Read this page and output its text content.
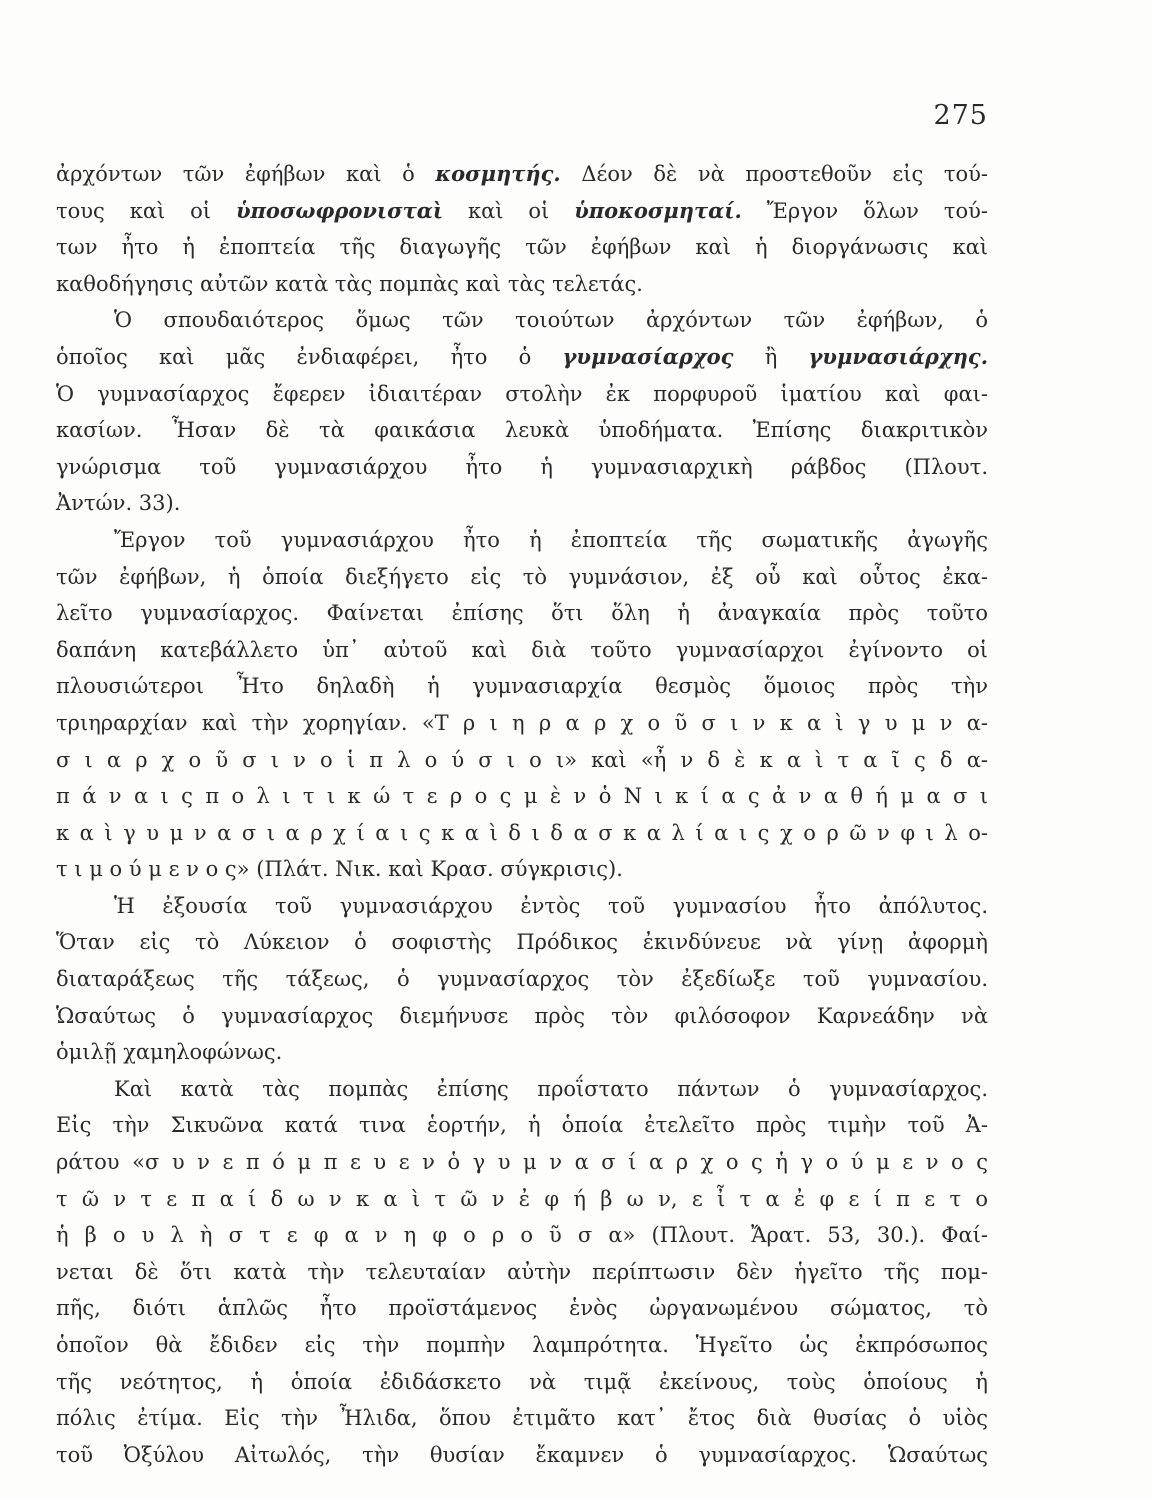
275
ἀρχόντων τῶν ἐφήβων καὶ ὁ κοσμητής. Δέον δὲ νὰ προστεθοῦν εἰς τού-
τους καὶ οἱ ὑποσωφρονισταὶ καὶ οἱ ὑποκοσμηταί. Ἔργον ὅλων τού-
των ἦτο ἡ ἐποπτεία τῆς διαγωγῆς τῶν ἐφήβων καὶ ἡ διοργάνωσις καὶ
καθοδήγησις αὐτῶν κατὰ τὰς πομπὰς καὶ τὰς τελετάς.
Ὁ σπουδαιότερος ὅμως τῶν τοιούτων ἀρχόντων τῶν ἐφήβων, ὁ
ὁποῖος καὶ μᾶς ἐνδιαφέρει, ἦτο ὁ γυμνασίαρχος ἢ γυμνασιάρχης.
Ὁ γυμνασίαρχος ἔφερεν ἰδιαιτέραν στολὴν ἐκ πορφυροῦ ἱματίου καὶ φαι-
κασίων. Ἦσαν δὲ τὰ φαικάσια λευκὰ ὑποδήματα. Ἐπίσης διακριτικὸν
γνώρισμα τοῦ γυμνασιάρχου ἦτο ἡ γυμνασιαρχικὴ ράβδος (Πλουτ.
Ἀντών. 33).
Ἔργον τοῦ γυμνασιάρχου ἦτο ἡ ἐποπτεία τῆς σωματικῆς ἀγωγῆς
τῶν ἐφήβων, ἡ ὁποία διεξήγετο εἰς τὸ γυμνάσιον, ἐξ οὗ καὶ οὗτος ἐκα-
λεῖτο γυμνασίαρχος. Φαίνεται ἐπίσης ὅτι ὅλη ἡ ἀναγκαία πρὸς τοῦτο
δαπάνη κατεβάλλετο ὑπ᾽ αὐτοῦ καὶ διὰ τοῦτο γυμνασίαρχοι ἐγίνοντο οἱ
πλουσιώτεροι Ἦτο δηλαδὴ ἡ γυμνασιαρχία θεσμὸς ὅμοιος πρὸς τὴν
τριηραρχίαν καὶ τὴν χορηγίαν. «Τ ρ ι η ρ α ρ χ ο ῦ σ ι ν κ α ὶ γ υ μ ν α-
σ ι α ρ χ ο ῦ σ ι ν ο ἱ π λ ο ύ σ ι ο ι» καὶ «ἦ ν δ ὲ κ α ὶ τ α ῖ ς δ α-
π ά ν α ι ς π ο λ ι τ ι κ ώ τ ε ρ ο ς μ ὲ ν ὁ Ν ι κ ί α ς ἀ ν α θ ή μ α σ ι
κ α ὶ γ υ μ ν α σ ι α ρ χ ί α ι ς κ α ὶ δ ι δ α σ κ α λ ί α ι ς χ ο ρ ῶ ν φ ι λ ο-
τ ι μ ο ύ μ ε ν ο ς» (Πλάτ. Νικ. καὶ Κρασ. σύγκρισις).
Ἡ ἐξουσία τοῦ γυμνασιάρχου ἐντὸς τοῦ γυμνασίου ἦτο ἀπόλυτος.
Ὅταν εἰς τὸ Λύκειον ὁ σοφιστὴς Πρόδικος ἐκινδύνευε νὰ γίνῃ ἀφορμὴ
διαταράξεως τῆς τάξεως, ὁ γυμνασίαρχος τὸν ἐξεδίωξε τοῦ γυμνασίου.
Ὡσαύτως ὁ γυμνασίαρχος διεμήνυσε πρὸς τὸν φιλόσοφον Καρνεάδην νὰ
ὁμιλῇ χαμηλοφώνως.
Καὶ κατὰ τὰς πομπὰς ἐπίσης προΐστατο πάντων ὁ γυμνασίαρχος.
Εἰς τὴν Σικυῶνα κατά τινα ἑορτήν, ἡ ὁποία ἐτελεῖτο πρὸς τιμὴν τοῦ Ἀ-
ράτου «σ υ ν ε π ό μ π ε υ ε ν ὁ γ υ μ ν α σ ί α ρ χ ο ς ἡ γ ο ύ μ ε ν ο ς
τ ῶ ν τ ε π α ί δ ω ν κ α ὶ τ ῶ ν ἐ φ ή β ω ν, ε ἶ τ α ἐ φ ε ί π ε τ ο
ἡ β ο υ λ ὴ σ τ ε φ α ν η φ ο ρ ο ῦ σ α» (Πλουτ. Ἄρατ. 53, 30.). Φαί-
νεται δὲ ὅτι κατὰ τὴν τελευταίαν αὐτὴν περίπτωσιν δὲν ἡγεῖτο τῆς πομ-
πῆς, διότι ἁπλῶς ἦτο προϊστάμενος ἑνὸς ὠργανωμένου σώματος, τὸ
ὁποῖον θὰ ἔδιδεν εἰς τὴν πομπὴν λαμπρότητα. Ἡγεῖτο ὡς ἐκπρόσωπος
τῆς νεότητος, ἡ ὁποία ἐδιδάσκετο νὰ τιμᾷ ἐκείνους, τοὺς ὁποίους ἡ
πόλις ἐτίμα. Εἰς τὴν Ἦλιδα, ὅπου ἐτιμᾶτο κατ᾽ ἔτος διὰ θυσίας ὁ υἱὸς
τοῦ Ὀξύλου Αἰτωλός, τὴν θυσίαν ἔκαμνεν ὁ γυμνασίαρχος. Ὡσαύτως
